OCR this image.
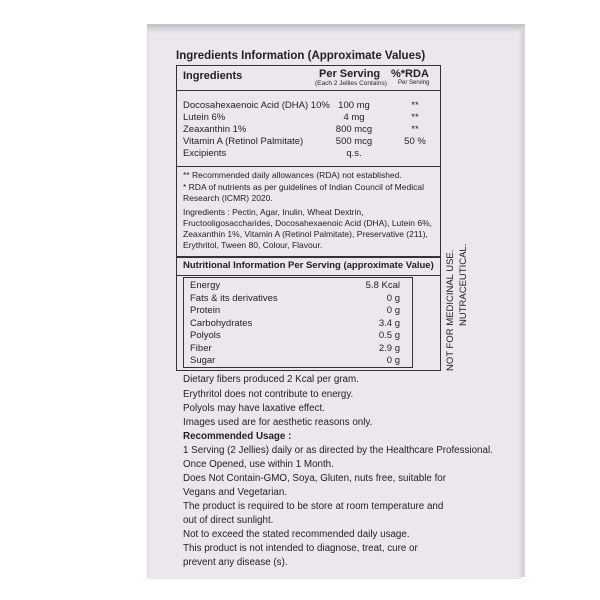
Ingredients Information (Approximate Values)
Ingredients	Per Serving
(Each 2 Jellies Contains)
%*RDA
Per Serving
Docosahexaenoic Acid (DHA) 10% 100 mg	**
Lutein 6%	4 mg	**
Zeaxanthin 1%	800 mcg	**
Vitamin A (Retinol Palmitate)	500 mcg	50 %
Excipients	q.s.
** Recommended daily allowances (RDA) not established.
* RDA of nutrients as per guidelines of Indian Council of Medical Research (ICMR) 2020.
Ingredients : Pectin, Agar, Inulin, Wheat Dextrin, Fructooligosaccharides, Docosahexaenoic Acid (DHA), Lutein 6%, Zeaxanthin 1%, Vitamin A (Retinol Palmitate), Preservative (211), Erythritol, Tween 80, Colour, Flavour.
Nutritional Information Per Serving (approximate Value)
Energy	5.8 Kcal
Fats & its derivatives	0 g
Protein	0 g
Carbohydrates	3.4 g
Polyols	0.5 g
Fiber	2.9 g
Sugar	0 g
Dietary fibers produced 2 Kcal per gram.
Erythritol does not contribute to energy.
Polyols may have laxative effect.
Images used are for aesthetic reasons only.
Recommended Usage :
1 Serving (2 Jellies) daily or as directed by the Healthcare Professional.
Once Opened, use within 1 Month.
Does Not Contain-GMO, Soya, Gluten, nuts free, suitable for
Vegans and Vegetarian.
The product is required to be store at room temperature and
out of direct sunlight.
Not to exceed the stated recommended daily usage.
This product is not intended to diagnose, treat, cure or
prevent any disease (s).
NOT FOR MEDICINAL USE. NUTRACEUTICAL.
